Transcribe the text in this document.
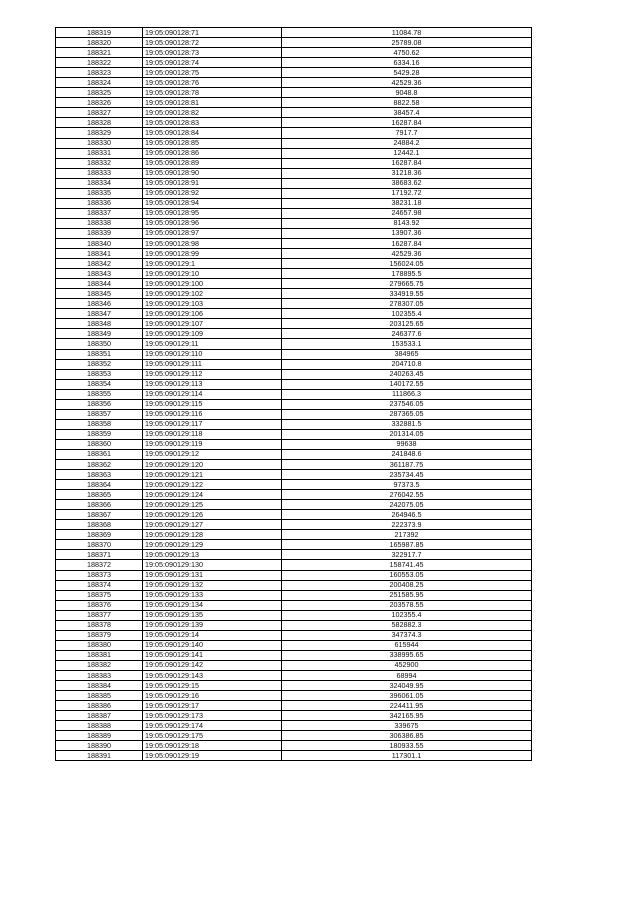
188319	19:05:090128:71	11084.78
188320	19:05:090128:72	25789.08
188321	19:05:090128:73	4750.62
188322	19:05:090128:74	6334.16
188323	19:05:090128:75	5429.28
188324	19:05:090128:76	42529.36
188325	19:05:090128:78	9048.8
188326	19:05:090128:81	8822.58
188327	19:05:090128:82	38457.4
188328	19:05:090128:83	16287.84
188329	19:05:090128:84	7917.7
188330	19:05:090128:85	24884.2
188331	19:05:090128:86	12442.1
188332	19:05:090128:89	16287.84
188333	19:05:090128:90	31218.36
188334	19:05:090128:91	38683.62
188335	19:05:090128:92	17192.72
188336	19:05:090128:94	38231.18
188337	19:05:090128:95	24657.98
188338	19:05:090128:96	8143.92
188339	19:05:090128:97	13907.36
188340	19:05:090128:98	16287.84
188341	19:05:090128:99	42529.36
188342	19:05:090129:1	156024.05
188343	19:05:090129:10	178895.5
188344	19:05:090129:100	279665.75
188345	19:05:090129:102	334919.55
188346	19:05:090129:103	278307.05
188347	19:05:090129:106	102355.4
188348	19:05:090129:107	203125.65
188349	19:05:090129:109	246377.6
188350	19:05:090129:11	153533.1
188351	19:05:090129:110	384965
188352	19:05:090129:111	204710.8
188353	19:05:090129:112	240263.45
188354	19:05:090129:113	140172.55
188355	19:05:090129:114	111866.3
188356	19:05:090129:115	237546.05
188357	19:05:090129:116	287365.05
188358	19:05:090129:117	332881.5
188359	19:05:090129:118	201314.05
188360	19:05:090129:119	99638
188361	19:05:090129:12	241848.6
188362	19:05:090129:120	361187.75
188363	19:05:090129:121	235734.45
188364	19:05:090129:122	97373.5
188365	19:05:090129:124	276042.55
188366	19:05:090129:125	242075.05
188367	19:05:090129:126	264946.5
188368	19:05:090129:127	222373.9
188369	19:05:090129:128	217392
188370	19:05:090129:129	165987.85
188371	19:05:090129:13	322917.7
188372	19:05:090129:130	158741.45
188373	19:05:090129:131	160553.05
188374	19:05:090129:132	200408.25
188375	19:05:090129:133	251585.95
188376	19:05:090129:134	203578.55
188377	19:05:090129:135	102355.4
188378	19:05:090129:139	582882.3
188379	19:05:090129:14	347374.3
188380	19:05:090129:140	615944
188381	19:05:090129:141	338995.65
188382	19:05:090129:142	452900
188383	19:05:090129:143	68994
188384	19:05:090129:15	324049.95
188385	19:05:090129:16	396061.05
188386	19:05:090129:17	224411.95
188387	19:05:090129:173	342165.95
188388	19:05:090129:174	339675
188389	19:05:090129:175	306386.85
188390	19:05:090129:18	180933.55
188391	19:05:090129:19	117301.1
